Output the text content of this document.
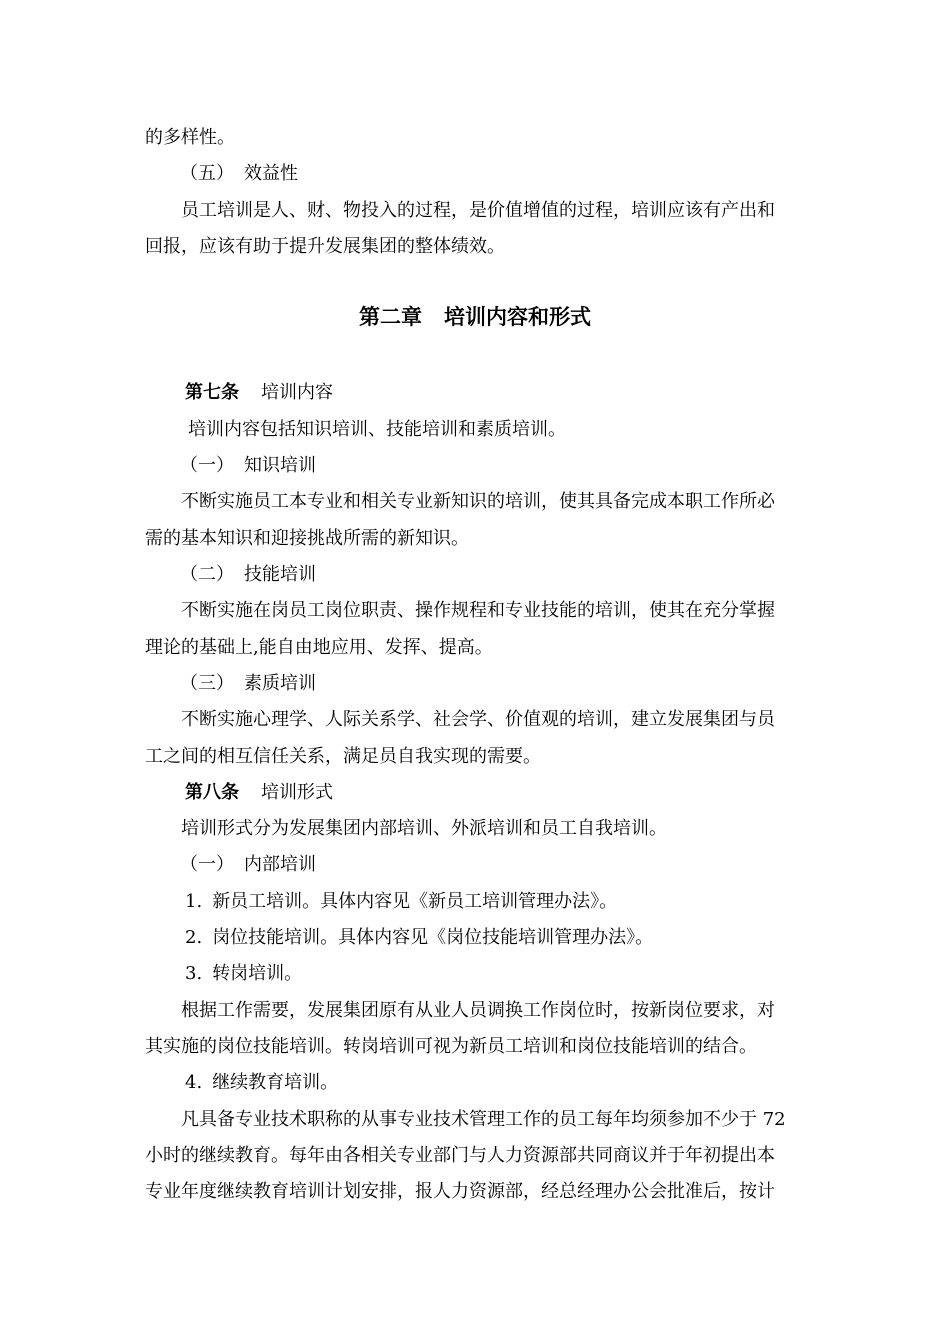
的多样性。
（五） 效益性
员工培训是人、财、物投入的过程，是价值增值的过程，培训应该有产出和
回报，应该有助于提升发展集团的整体绩效。
第二章 培训内容和形式
第七条 培训内容
培训内容包括知识培训、技能培训和素质培训。
（一） 知识培训
不断实施员工本专业和相关专业新知识的培训，使其具备完成本职工作所必
需的基本知识和迎接挑战所需的新知识。
（二） 技能培训
不断实施在岗员工岗位职责、操作规程和专业技能的培训，使其在充分掌握
理论的基础上,能自由地应用、发挥、提高。
（三） 素质培训
不断实施心理学、人际关系学、社会学、价值观的培训，建立发展集团与员
工之间的相互信任关系，满足员自我实现的需要。
第八条 培训形式
培训形式分为发展集团内部培训、外派培训和员工自我培训。
（一） 内部培训
1. 新员工培训。具体内容见《新员工培训管理办法》。
2. 岗位技能培训。具体内容见《岗位技能培训管理办法》。
3. 转岗培训。
根据工作需要，发展集团原有从业人员调换工作岗位时，按新岗位要求，对
其实施的岗位技能培训。转岗培训可视为新员工培训和岗位技能培训的结合。
4. 继续教育培训。
凡具备专业技术职称的从事专业技术管理工作的员工每年均须参加不少于 72
小时的继续教育。每年由各相关专业部门与人力资源部共同商议并于年初提出本
专业年度继续教育培训计划安排，报人力资源部，经总经理办公会批准后，按计
